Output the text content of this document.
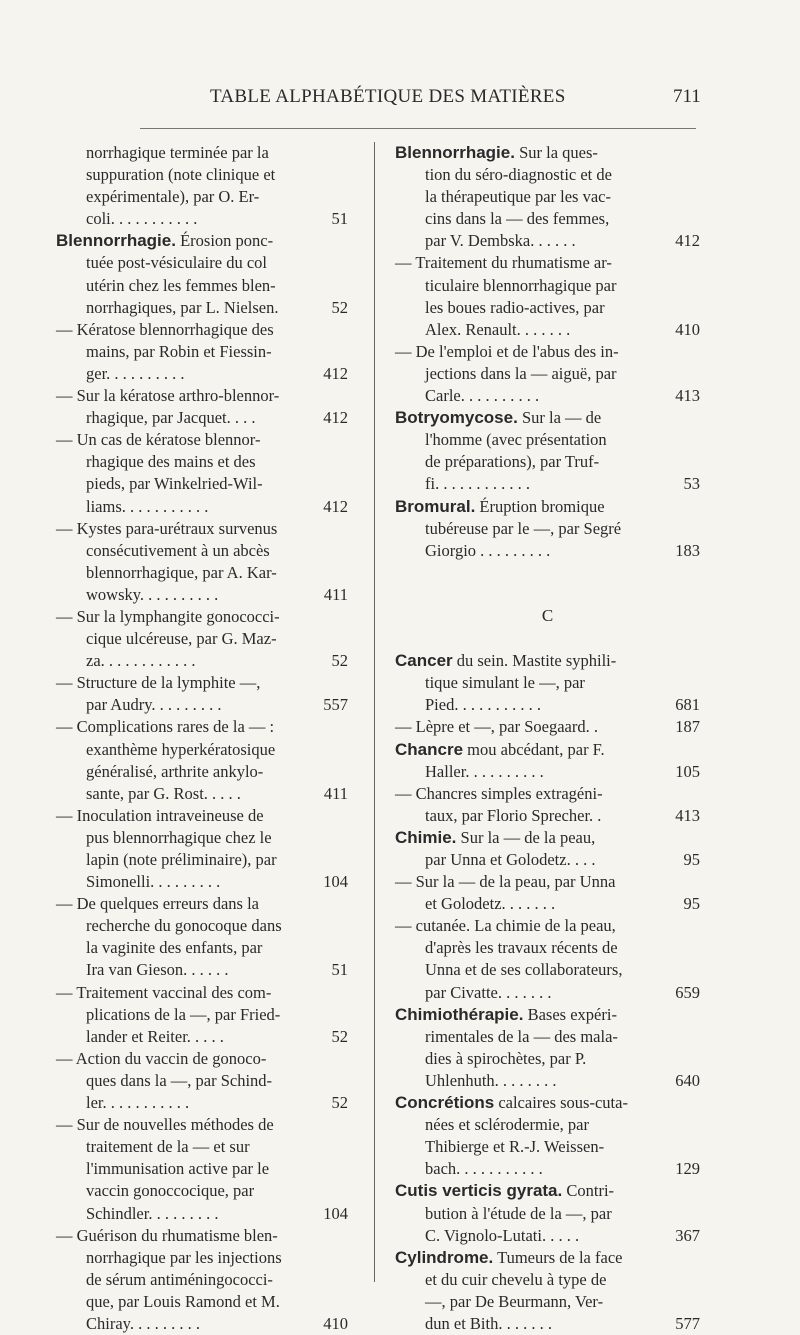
TABLE ALPHABÉTIQUE DES MATIÈRES	711
norrhagique terminée par la
suppuration (note clinique et
expérimentale), par O. Er-
coli. . . . . . . . . . .	51
Blennorrhagie. Érosion ponc-
tuée post-vésiculaire du col
utérin chez les femmes blen-
norrhagiques, par L. Nielsen.	52
— Kératose blennorrhagique des
mains, par Robin et Fiessin-
ger. . . . . . . . . .	412
— Sur la kératose arthro-blennor-
rhagique, par Jacquet. . . .	412
— Un cas de kératose blennor-
rhagique des mains et des
pieds, par Winkelried-Wil-
liams. . . . . . . . . . .	412
— Kystes para-urétraux survenus
consécutivement à un abcès
blennorrhagique, par A. Kar-
wowsky. . . . . . . . . .	411
— Sur la lymphangite gonococci-
cique ulcéreuse, par G. Maz-
za. . . . . . . . . . . .	52
— Structure de la lymphite —,
par Audry. . . . . . . . .	557
— Complications rares de la — :
exanthème hyperkératosique
généralisé, arthrite ankylo-
sante, par G. Rost. . . . .	411
— Inoculation intraveineuse de
pus blennorrhagique chez le
lapin (note préliminaire), par
Simonelli. . . . . . . . .	104
— De quelques erreurs dans la
recherche du gonocoque dans
la vaginite des enfants, par
Ira van Gieson. . . . . .	51
— Traitement vaccinal des com-
plications de la —, par Fried-
lander et Reiter. . . . .	52
— Action du vaccin de gonoco-
ques dans la —, par Schind-
ler. . . . . . . . . . .	52
— Sur de nouvelles méthodes de
traitement de la — et sur
l'immunisation active par le
vaccin gonoccocique, par
Schindler. . . . . . . . .	104
— Guérison du rhumatisme blen-
norrhagique par les injections
de sérum antiméningococci-
que, par Louis Ramond et M.
Chiray. . . . . . . . .	410
Blennorrhagie. Sur la ques-
tion du séro-diagnostic et de
la thérapeutique par les vac-
cins dans la — des femmes,
par V. Dembska. . . . . .	412
— Traitement du rhumatisme ar-
ticulaire blennorrhagique par
les boues radio-actives, par
Alex. Renault. . . . . . .	410
— De l'emploi et de l'abus des in-
jections dans la — aiguë, par
Carle. . . . . . . . . .	413
Botryomycose. Sur la — de
l'homme (avec présentation
de préparations), par Truf-
fi. . . . . . . . . . . .	53
Bromural. Éruption bromique
tubéreuse par le —, par Segré
Giorgio . . . . . . . . .	183
C
Cancer du sein. Mastite syphili-
tique simulant le —, par
Pied. . . . . . . . . . .	681
— Lèpre et —, par Soegaard. .	187
Chancre mou abcédant, par F.
Haller. . . . . . . . . .	105
— Chancres simples extragéni-
taux, par Florio Sprecher. .	413
Chimie. Sur la — de la peau,
par Unna et Golodetz. . . .	95
— Sur la — de la peau, par Unna
et Golodetz. . . . . . .	95
— cutanée. La chimie de la peau,
d'après les travaux récents de
Unna et de ses collaborateurs,
par Civatte. . . . . . .	659
Chimiothérapie. Bases expéri-
rimentales de la — des mala-
dies à spirochètes, par P.
Uhlenhuth. . . . . . . .	640
Concrétions calcaires sous-cuta-
nées et sclérodermie, par
Thibierge et R.-J. Weissen-
bach. . . . . . . . . . .	129
Cutis verticis gyrata. Contri-
bution à l'étude de la —, par
C. Vignolo-Lutati. . . . .	367
Cylindrome. Tumeurs de la face
et du cuir chevelu à type de
—, par De Beurmann, Ver-
dun et Bith. . . . . . .	577
